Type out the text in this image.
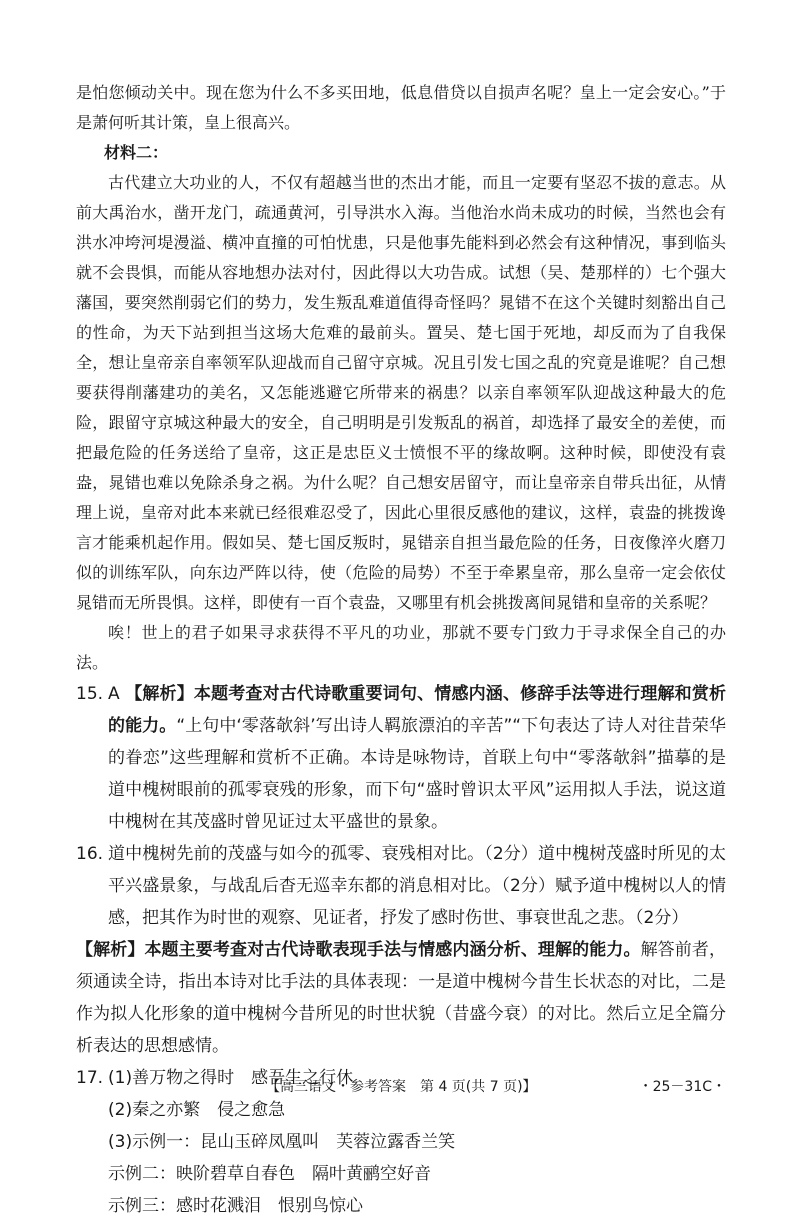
是怕您倾动关中。现在您为什么不多买田地，低息借贷以自损声名呢？皇上一定会安心。”于是萧何听其计策，皇上很高兴。

材料二：

古代建立大功业的人，不仅有超越当世的杰出才能，而且一定要有坚忍不拔的意志。从前大禹治水，凿开龙门，疏通黄河，引导洪水入海。当他治水尚未成功的时候，当然也会有洪水冲垮河堤漫溢、横冲直撞的可怕忧患，只是他事先能料到必然会有这种情况，事到临头就不会畏惧，而能从容地想办法对付，因此得以大功告成。试想（吴、楚那样的）七个强大藩国，要突然削弱它们的势力，发生叛乱难道值得奇怪吗？晁错不在这个关键时刻豁出自己的性命，为天下站到担当这场大危难的最前头。置吴、楚七国于死地，却反而为了自我保全，想让皇帝亲自率领军队迎战而自己留守京城。况且引发七国之乱的究竟是谁呢？自己想要获得削藩建功的美名，又怎能逃避它所带来的祸患？以亲自率领军队迎战这种最大的危险，跟留守京城这种最大的安全，自己明明是引发叛乱的祸首，却选择了最安全的差使，而把最危险的任务送给了皇帝，这正是忠臣义士愤恨不平的缘故啊。这种时候，即使没有袁盎，晁错也难以免除杀身之祸。为什么呢？自己想安居留守，而让皇帝亲自带兵出征，从情理上说，皇帝对此本来就已经很难忍受了，因此心里很反感他的建议，这样，袁盎的挑拨谗言才能乘机起作用。假如吴、楚七国反叛时，晁错亲自担当最危险的任务，日夜像淬火磨刀似的训练军队，向东边严阵以待，使（危险的局势）不至于牵累皇帝，那么皇帝一定会依仗晁错而无所畏惧。这样，即使有一百个袁盎，又哪里有机会挑拨离间晁错和皇帝的关系呢？

唉！世上的君子如果寻求获得不平凡的功业，那就不要专门致力于寻求保全自己的办法。

15. A 【解析】本题考查对古代诗歌重要词句、情感内涵、修辞手法等进行理解和赏析的能力。“上句中‘零落欹斜’写出诗人羁旅漂泊的辛苦”“下句表达了诗人对往昔荣华的眷恋”这些理解和赏析不正确。本诗是咏物诗，首联上句中“零落欹斜”描摹的是道中槐树眼前的孤零衰残的形象，而下句“盛时曾识太平风”运用拟人手法，说这道中槐树在其茂盛时曾见证过太平盛世的景象。

16. 道中槐树先前的茂盛与如今的孤零、衰残相对比。（2分）道中槐树茂盛时所见的太平兴盛景象，与战乱后杳无巡幸东都的消息相对比。（2分）赋予道中槐树以人的情感，把其作为时世的观察、见证者，抒发了感时伤世、事衰世乱之悲。（2分）

【解析】本题主要考查对古代诗歌表现手法与情感内涵分析、理解的能力。解答前者，须通读全诗，指出本诗对比手法的具体表现：一是道中槐树今昔生长状态的对比，二是作为拟人化形象的道中槐树今昔所见的时世状貌（昔盛今衰）的对比。然后立足全篇分析表达的思想感情。

17. (1)善万物之得时　感吾生之行休

(2)秦之亦繁　侵之愈急

(3)示例一：昆山玉碎凤凰叫　芙蓉泣露香兰笑

示例二：映阶碧草自春色　隔叶黄鹂空好音

示例三：感时花溅泪　恨别鸟惊心

【高三语文・参考答案　第 4 页(共 7 页)】	・25－31C・
